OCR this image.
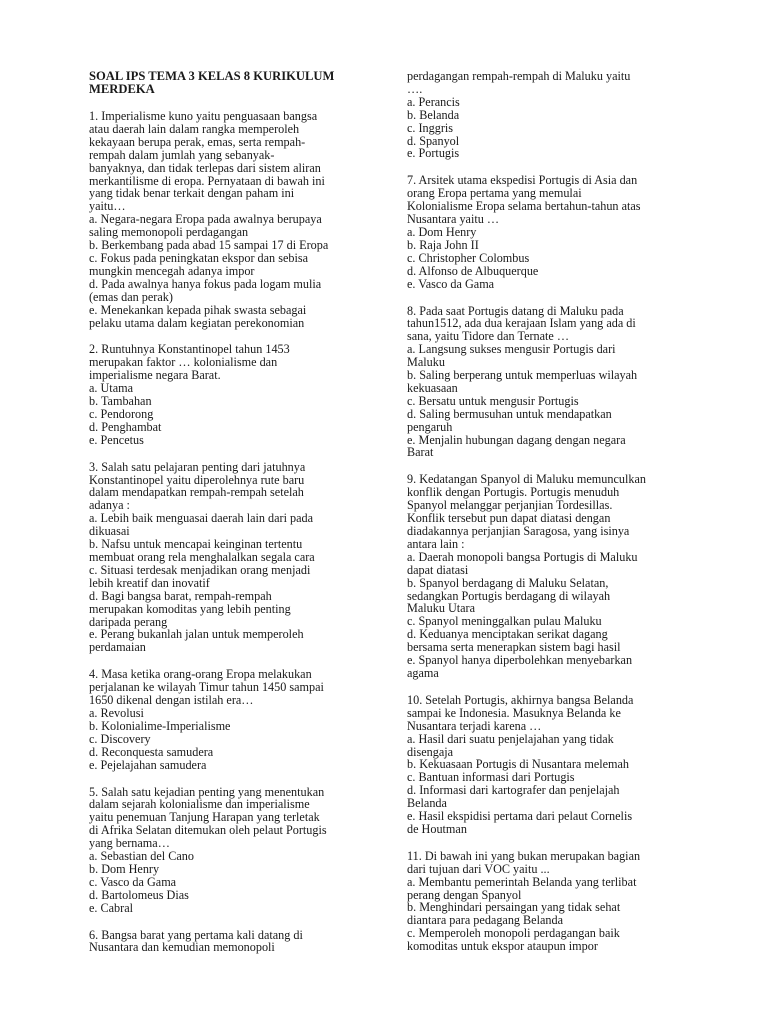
SOAL IPS TEMA 3 KELAS 8 KURIKULUM
MERDEKA
1. Imperialisme kuno yaitu penguasaan bangsa
atau daerah lain dalam rangka memperoleh
kekayaan berupa perak, emas, serta rempah-
rempah dalam jumlah yang sebanyak-
banyaknya, dan tidak terlepas dari sistem aliran
merkantilisme di eropa. Pernyataan di bawah ini
yang tidak benar terkait dengan paham ini
yaitu…
a. Negara-negara Eropa pada awalnya berupaya
saling memonopoli perdagangan
b. Berkembang pada abad 15 sampai 17 di Eropa
c. Fokus pada peningkatan ekspor dan sebisa
mungkin mencegah adanya impor
d. Pada awalnya hanya fokus pada logam mulia
(emas dan perak)
e. Menekankan kepada pihak swasta sebagai
pelaku utama dalam kegiatan perekonomian
2. Runtuhnya Konstantinopel tahun 1453
merupakan faktor … kolonialisme dan
imperialisme negara Barat.
a. Utama
b. Tambahan
c. Pendorong
d. Penghambat
e. Pencetus
3. Salah satu pelajaran penting dari jatuhnya
Konstantinopel yaitu diperolehnya rute baru
dalam mendapatkan rempah-rempah setelah
adanya :
a. Lebih baik menguasai daerah lain dari pada
dikuasai
b. Nafsu untuk mencapai keinginan tertentu
membuat orang rela menghalalkan segala cara
c. Situasi terdesak menjadikan orang menjadi
lebih kreatif dan inovatif
d. Bagi bangsa barat, rempah-rempah
merupakan komoditas yang lebih penting
daripada perang
e. Perang bukanlah jalan untuk memperoleh
perdamaian
4. Masa ketika orang-orang Eropa melakukan
perjalanan ke wilayah Timur tahun 1450 sampai
1650 dikenal dengan istilah era…
a. Revolusi
b. Kolonialime-Imperialisme
c. Discovery
d. Reconquesta samudera
e. Pejelajahan samudera
5. Salah satu kejadian penting yang menentukan
dalam sejarah kolonialisme dan imperialisme
yaitu penemuan Tanjung Harapan yang terletak
di Afrika Selatan ditemukan oleh pelaut Portugis
yang bernama…
a. Sebastian del Cano
b. Dom Henry
c. Vasco da Gama
d. Bartolomeus Dias
e. Cabral
6. Bangsa barat yang pertama kali datang di
Nusantara dan kemudian memonopoli
perdagangan rempah-rempah di Maluku yaitu
….
a. Perancis
b. Belanda
c. Inggris
d. Spanyol
e. Portugis
7. Arsitek utama ekspedisi Portugis di Asia dan
orang Eropa pertama yang memulai
Kolonialisme Eropa selama bertahun-tahun atas
Nusantara yaitu …
a. Dom Henry
b. Raja John II
c. Christopher Colombus
d. Alfonso de Albuquerque
e. Vasco da Gama
8. Pada saat Portugis datang di Maluku pada
tahun1512, ada dua kerajaan Islam yang ada di
sana, yaitu Tidore dan Ternate …
a. Langsung sukses mengusir Portugis dari
Maluku
b. Saling berperang untuk memperluas wilayah
kekuasaan
c. Bersatu untuk mengusir Portugis
d. Saling bermusuhan untuk mendapatkan
pengaruh
e. Menjalin hubungan dagang dengan negara
Barat
9. Kedatangan Spanyol di Maluku memunculkan
konflik dengan Portugis. Portugis menuduh
Spanyol melanggar perjanjian Tordesillas.
Konflik tersebut pun dapat diatasi dengan
diadakannya perjanjian Saragosa, yang isinya
antara lain :
a. Daerah monopoli bangsa Portugis di Maluku
dapat diatasi
b. Spanyol berdagang di Maluku Selatan,
sedangkan Portugis berdagang di wilayah
Maluku Utara
c. Spanyol meninggalkan pulau Maluku
d. Keduanya menciptakan serikat dagang
bersama serta menerapkan sistem bagi hasil
e. Spanyol hanya diperbolehkan menyebarkan
agama
10. Setelah Portugis, akhirnya bangsa Belanda
sampai ke Indonesia. Masuknya Belanda ke
Nusantara terjadi karena …
a. Hasil dari suatu penjelajahan yang tidak
disengaja
b. Kekuasaan Portugis di Nusantara melemah
c. Bantuan informasi dari Portugis
d. Informasi dari kartografer dan penjelajah
Belanda
e. Hasil ekspidisi pertama dari pelaut Cornelis
de Houtman
11. Di bawah ini yang bukan merupakan bagian
dari tujuan dari VOC yaitu ...
a. Membantu pemerintah Belanda yang terlibat
perang dengan Spanyol
b. Menghindari persaingan yang tidak sehat
diantara para pedagang Belanda
c. Memperoleh monopoli perdagangan baik
komoditas untuk ekspor ataupun impor
